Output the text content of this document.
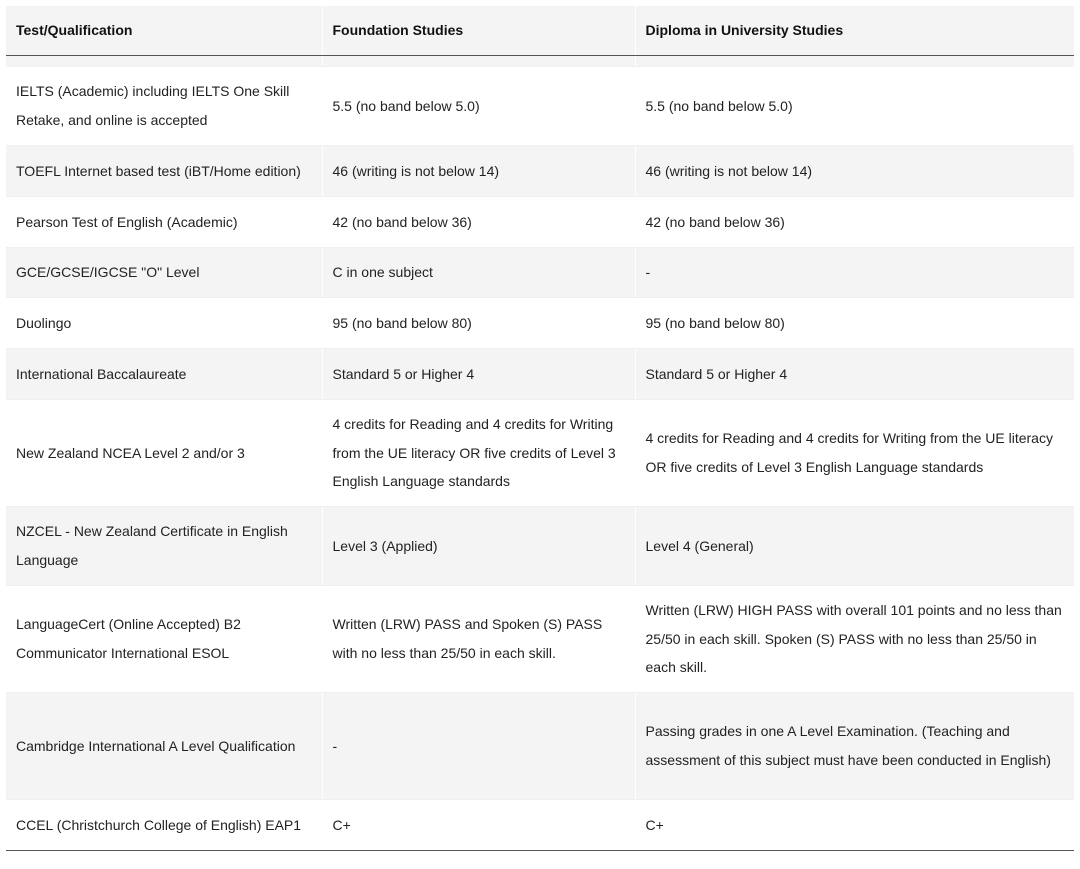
Test/Qualification	Foundation Studies	Diploma in University Studies

IELTS (Academic) including IELTS One Skill Retake, and online is accepted	5.5 (no band below 5.0)	5.5 (no band below 5.0)
TOEFL Internet based test (iBT/Home edition)	46 (writing is not below 14)	46 (writing is not below 14)
Pearson Test of English (Academic)	42 (no band below 36)	42 (no band below 36)
GCE/GCSE/IGCSE "O" Level	C in one subject	-
Duolingo	95 (no band below 80)	95 (no band below 80)
International Baccalaureate	Standard 5 or Higher 4	Standard 5 or Higher 4
New Zealand NCEA Level 2 and/or 3	4 credits for Reading and 4 credits for Writing from the UE literacy OR five credits of Level 3 English Language standards	4 credits for Reading and 4 credits for Writing from the UE literacy OR five credits of Level 3 English Language standards
NZCEL - New Zealand Certificate in English Language	Level 3 (Applied)	Level 4 (General)
LanguageCert (Online Accepted) B2 Communicator International ESOL	Written (LRW) PASS and Spoken (S) PASS with no less than 25/50 in each skill.	Written (LRW) HIGH PASS with overall 101 points and no less than 25/50 in each skill. Spoken (S) PASS with no less than 25/50 in each skill.
Cambridge International A Level Qualification	-	Passing grades in one A Level Examination. (Teaching and assessment of this subject must have been conducted in English)
CCEL (Christchurch College of English) EAP1	C+	C+
